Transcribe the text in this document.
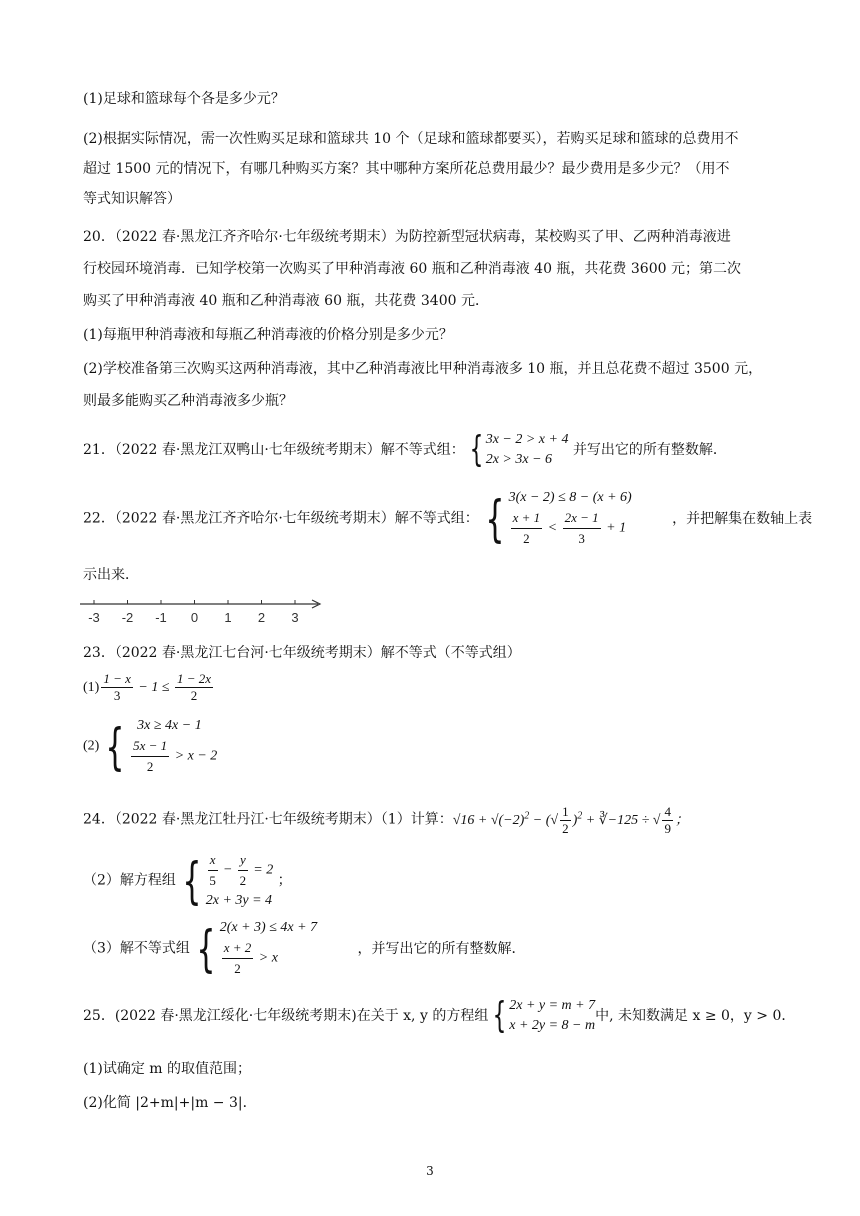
(1)足球和篮球每个各是多少元？
(2)根据实际情况，需一次性购买足球和篮球共 10 个（足球和篮球都要买），若购买足球和篮球的总费用不
超过 1500 元的情况下，有哪几种购买方案？其中哪种方案所花总费用最少？最少费用是多少元？（用不
等式知识解答）
20．（2022 春·黑龙江齐齐哈尔·七年级统考期末）为防控新型冠状病毒，某校购买了甲、乙两种消毒液进
行校园环境消毒．已知学校第一次购买了甲种消毒液 60 瓶和乙种消毒液 40 瓶，共花费 3600 元；第二次
购买了甲种消毒液 40 瓶和乙种消毒液 60 瓶，共花费 3400 元．
(1)每瓶甲种消毒液和每瓶乙种消毒液的价格分别是多少元？
(2)学校准备第三次购买这两种消毒液，其中乙种消毒液比甲种消毒液多 10 瓶，并且总花费不超过 3500 元，
则最多能购买乙种消毒液多少瓶？
21．（2022 春·黑龙江双鸭山·七年级统考期末）解不等式组： { 3x − 2 > x + 4
2x > 3x − 6
并写出它的所有整数解．
22．（2022 春·黑龙江齐齐哈尔·七年级统考期末）解不等式组： { 3(x − 2) ≤ 8 − (x + 6)
$\frac{x + 1}{2} < \frac{2x - 1}{3} + 1$
，并把解集在数轴上表
示出来．
-3 -2 -1 0 1 2 3
23．（2022 春·黑龙江七台河·七年级统考期末）解不等式（不等式组）
$(1) \frac{1 - x}{3} - 1 \le \frac{1 - 2x}{2}$
(2) { 3x ≥ 4x − 1
$\frac{5x - 1}{2} > x - 2$
24．（2022 春·黑龙江牡丹江·七年级统考期末）（1）计算：$√16 + √(-2)^2$ − (√ $\frac{1}{2} )^2$ + ∛−125 ÷ √ $\frac{4}{9}$ ；
（2）解方程组 { $\frac{x}{5} - \frac{y}{2} = 2$
2x + 3y = 4
；
（3）解不等式组 { 2(x + 3) ≤ 4x + 7
$\frac{x + 2}{2} > x$
，并写出它的所有整数解．
25．(2022 春·黑龙江绥化·七年级统考期末)在关于 x, y 的方程组 { 2x + y = m + 7
x + 2y = 8 − m
中, 未知数满足 x ≥ 0，y > 0．
(1)试确定 m 的取值范围；
(2)化简 |2+m|+|m − 3|．
3
